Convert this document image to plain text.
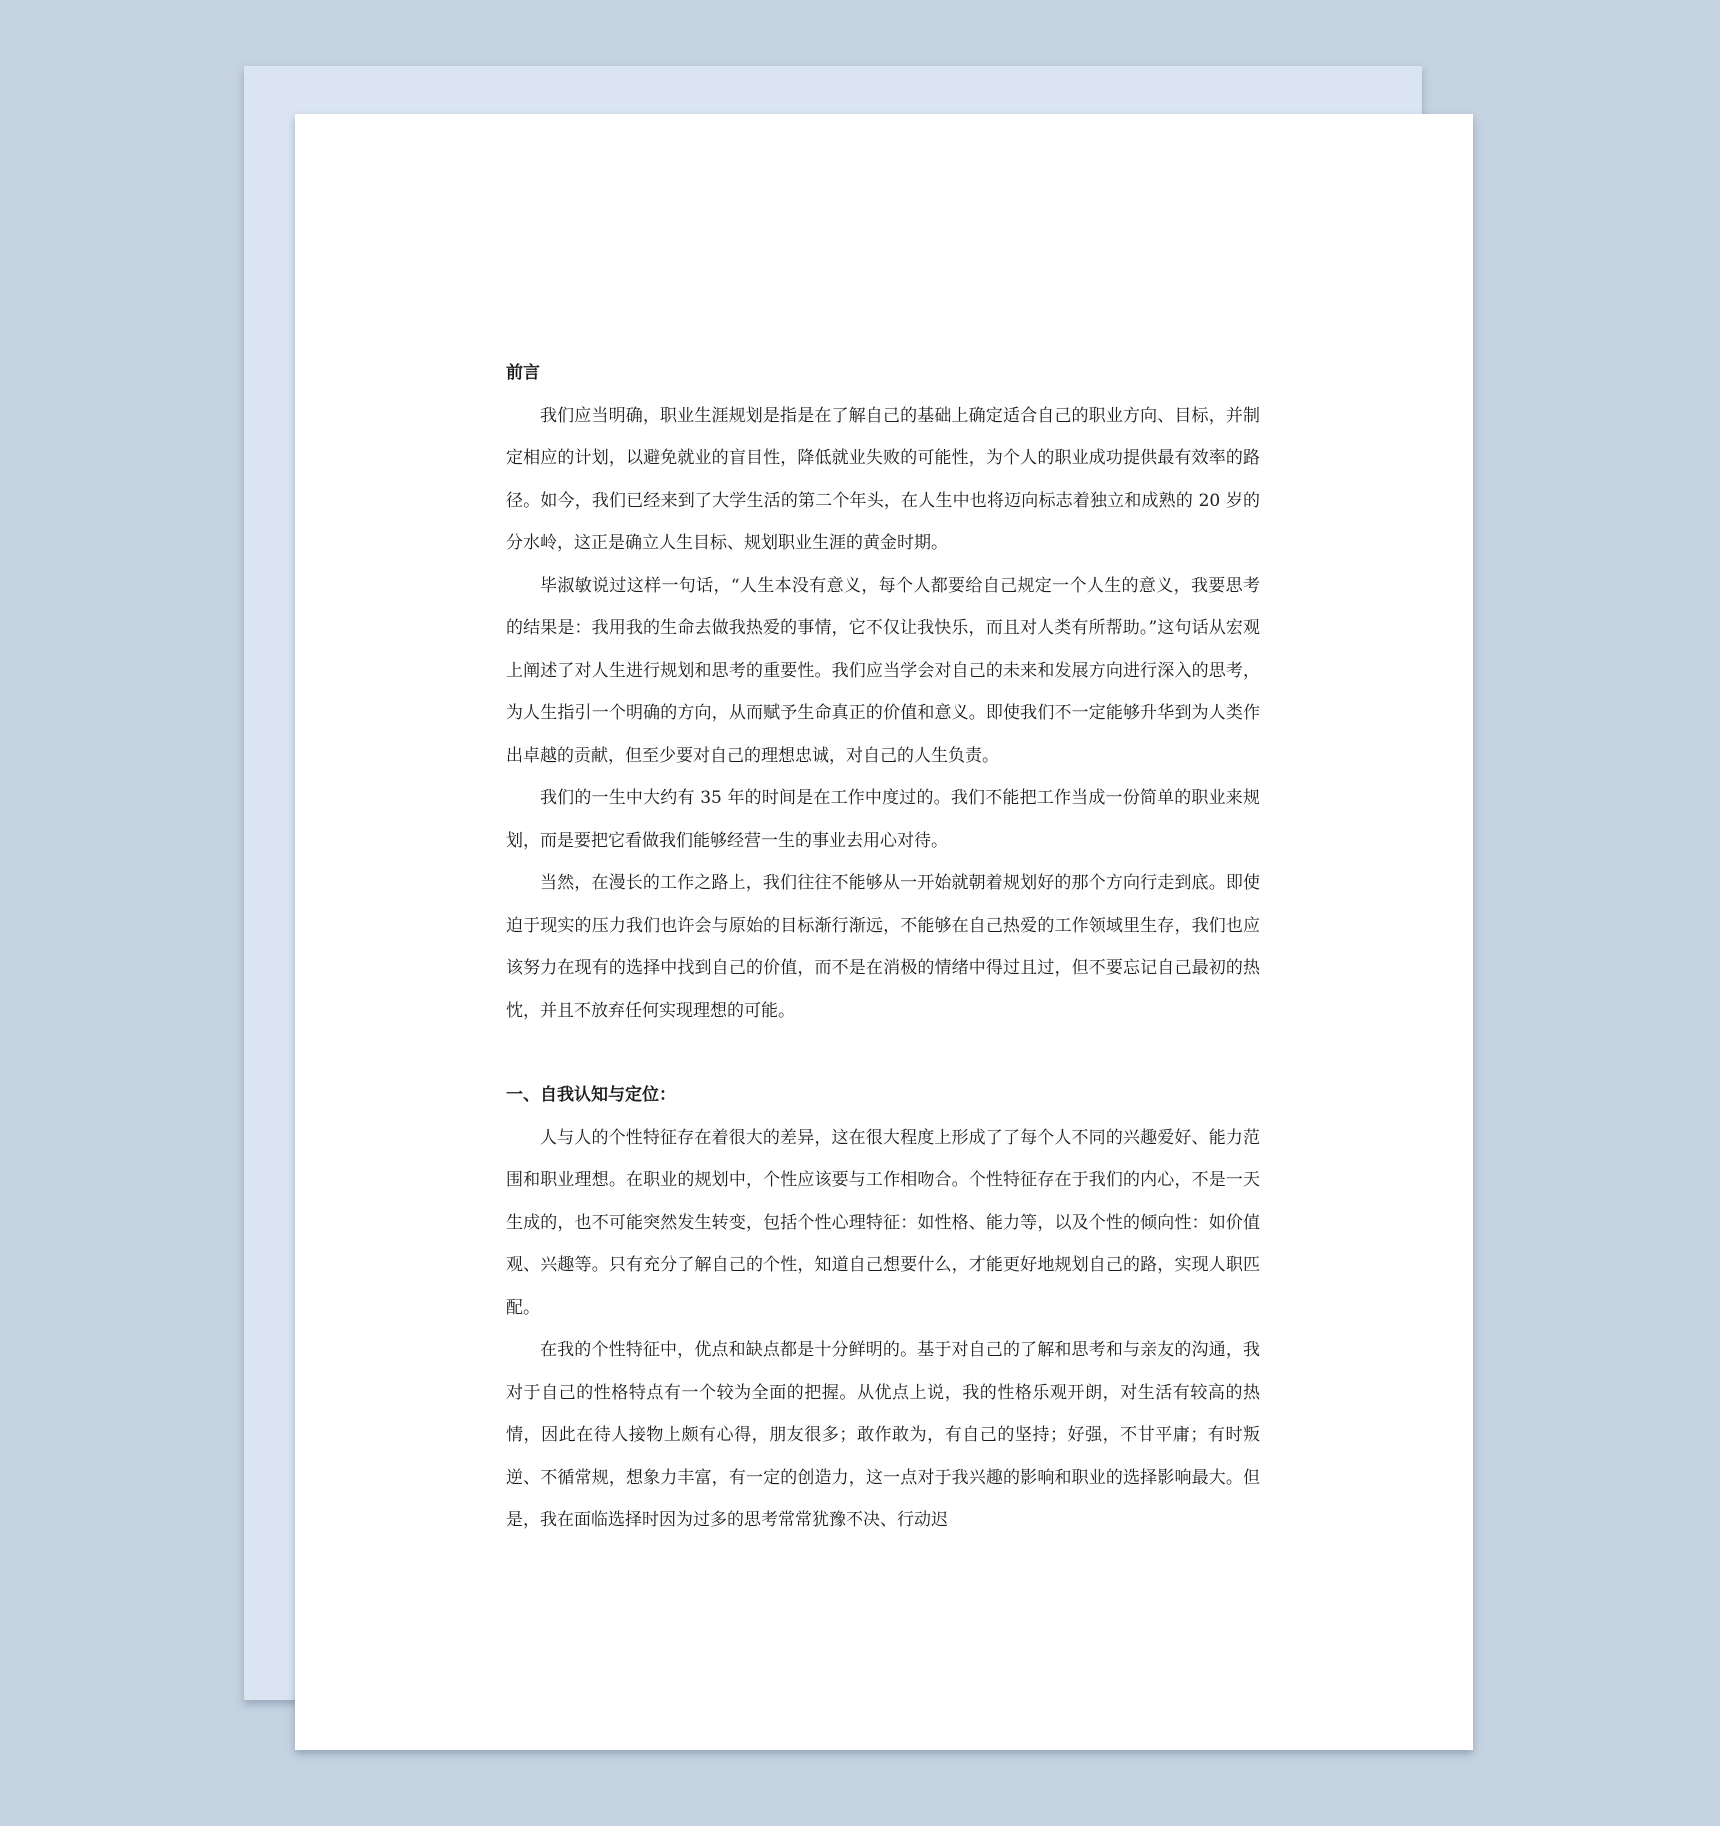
前言

我们应当明确，职业生涯规划是指是在了解自己的基础上确定适合自己的职业方向、目标，并制定相应的计划，以避免就业的盲目性，降低就业失败的可能性，为个人的职业成功提供最有效率的路径。如今，我们已经来到了大学生活的第二个年头，在人生中也将迈向标志着独立和成熟的 20 岁的分水岭，这正是确立人生目标、规划职业生涯的黄金时期。

毕淑敏说过这样一句话，“人生本没有意义，每个人都要给自己规定一个人生的意义，我要思考的结果是：我用我的生命去做我热爱的事情，它不仅让我快乐，而且对人类有所帮助。”这句话从宏观上阐述了对人生进行规划和思考的重要性。我们应当学会对自己的未来和发展方向进行深入的思考，为人生指引一个明确的方向，从而赋予生命真正的价值和意义。即使我们不一定能够升华到为人类作出卓越的贡献，但至少要对自己的理想忠诚，对自己的人生负责。

我们的一生中大约有 35 年的时间是在工作中度过的。我们不能把工作当成一份简单的职业来规划，而是要把它看做我们能够经营一生的事业去用心对待。

当然，在漫长的工作之路上，我们往往不能够从一开始就朝着规划好的那个方向行走到底。即使迫于现实的压力我们也许会与原始的目标渐行渐远，不能够在自己热爱的工作领域里生存，我们也应该努力在现有的选择中找到自己的价值，而不是在消极的情绪中得过且过，但不要忘记自己最初的热忱，并且不放弃任何实现理想的可能。

一、自我认知与定位：

人与人的个性特征存在着很大的差异，这在很大程度上形成了了每个人不同的兴趣爱好、能力范围和职业理想。在职业的规划中，个性应该要与工作相吻合。个性特征存在于我们的内心，不是一天生成的，也不可能突然发生转变，包括个性心理特征：如性格、能力等，以及个性的倾向性：如价值观、兴趣等。只有充分了解自己的个性，知道自己想要什么，才能更好地规划自己的路，实现人职匹配。

在我的个性特征中，优点和缺点都是十分鲜明的。基于对自己的了解和思考和与亲友的沟通，我对于自己的性格特点有一个较为全面的把握。从优点上说，我的性格乐观开朗，对生活有较高的热情，因此在待人接物上颇有心得，朋友很多；敢作敢为，有自己的坚持；好强，不甘平庸；有时叛逆、不循常规，想象力丰富，有一定的创造力，这一点对于我兴趣的影响和职业的选择影响最大。但是，我在面临选择时因为过多的思考常常犹豫不决、行动迟
